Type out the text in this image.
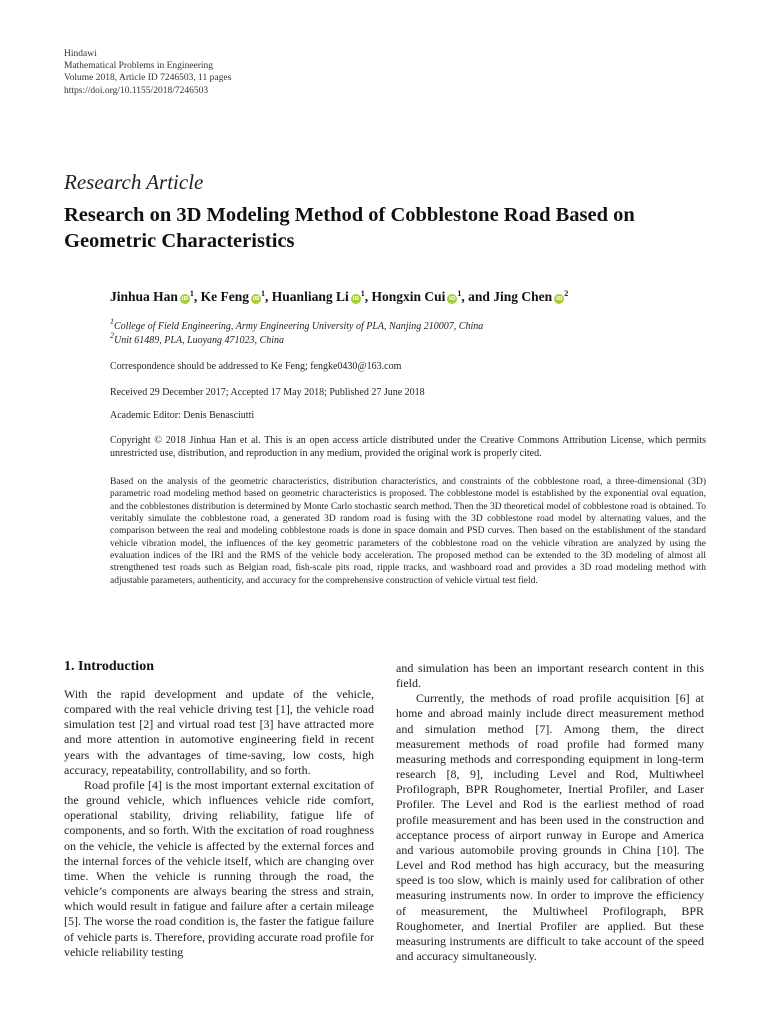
Hindawi
Mathematical Problems in Engineering
Volume 2018, Article ID 7246503, 11 pages
https://doi.org/10.1155/2018/7246503
Research Article
Research on 3D Modeling Method of Cobblestone Road Based on Geometric Characteristics
Jinhua Han $iD^1$, Ke Feng $iD^1$, Huanliang Li $iD^1$, Hongxin Cui $iD^1$, and Jing Chen $iD^2$
$^1$College of Field Engineering, Army Engineering University of PLA, Nanjing 210007, China
$^2$Unit 61489, PLA, Luoyang 471023, China
Correspondence should be addressed to Ke Feng; fengke0430@163.com
Received 29 December 2017; Accepted 17 May 2018; Published 27 June 2018
Academic Editor: Denis Benasciutti
Copyright © 2018 Jinhua Han et al. This is an open access article distributed under the Creative Commons Attribution License, which permits unrestricted use, distribution, and reproduction in any medium, provided the original work is properly cited.
Based on the analysis of the geometric characteristics, distribution characteristics, and constraints of the cobblestone road, a three-dimensional (3D) parametric road modeling method based on geometric characteristics is proposed. The cobblestone model is established by the exponential oval equation, and the cobblestones distribution is determined by Monte Carlo stochastic search method. Then the 3D theoretical model of cobblestone road is obtained. To veritably simulate the cobblestone road, a generated 3D random road is fusing with the 3D cobblestone road model by alternating values, and the comparison between the real and modeling cobblestone roads is done in space domain and PSD curves. Then based on the establishment of the standard vehicle vibration model, the influences of the key geometric parameters of the cobblestone road on the vehicle vibration are analyzed by using the evaluation indices of the IRI and the RMS of the vehicle body acceleration. The proposed method can be extended to the 3D modeling of almost all strengthened test roads such as Belgian road, fish-scale pits road, ripple tracks, and washboard road and provides a 3D road modeling method with adjustable parameters, authenticity, and accuracy for the comprehensive construction of vehicle virtual test field.
1. Introduction

With the rapid development and update of the vehicle, compared with the real vehicle driving test [1], the vehicle road simulation test [2] and virtual road test [3] have attracted more and more attention in automotive engineering field in recent years with the advantages of time-saving, low costs, high accuracy, repeatability, controllability, and so forth.

Road profile [4] is the most important external excitation of the ground vehicle, which influences vehicle ride comfort, operational stability, driving reliability, fatigue life of components, and so forth. With the excitation of road roughness on the vehicle, the vehicle is affected by the external forces and the internal forces of the vehicle itself, which are changing over time. When the vehicle is running through the road, the vehicle’s components are always bearing the stress and strain, which would result in fatigue and failure after a certain mileage [5]. The worse the road condition is, the faster the fatigue failure of vehicle parts is. Therefore, providing accurate road profile for vehicle reliability testing

and simulation has been an important research content in this field.

Currently, the methods of road profile acquisition [6] at home and abroad mainly include direct measurement method and simulation method [7]. Among them, the direct measurement methods of road profile had formed many measuring methods and corresponding equipment in long-term research [8, 9], including Level and Rod, Multiwheel Profilograph, BPR Roughometer, Inertial Profiler, and Laser Profiler. The Level and Rod is the earliest method of road profile measurement and has been used in the construction and acceptance process of airport runway in Europe and America and various automobile proving grounds in China [10]. The Level and Rod method has high accuracy, but the measuring speed is too slow, which is mainly used for calibration of other measuring instruments now. In order to improve the efficiency of measurement, the Multiwheel Profilograph, BPR Roughometer, and Inertial Profiler are applied. But these measuring instruments are difficult to take account of the speed and accuracy simultaneously.
